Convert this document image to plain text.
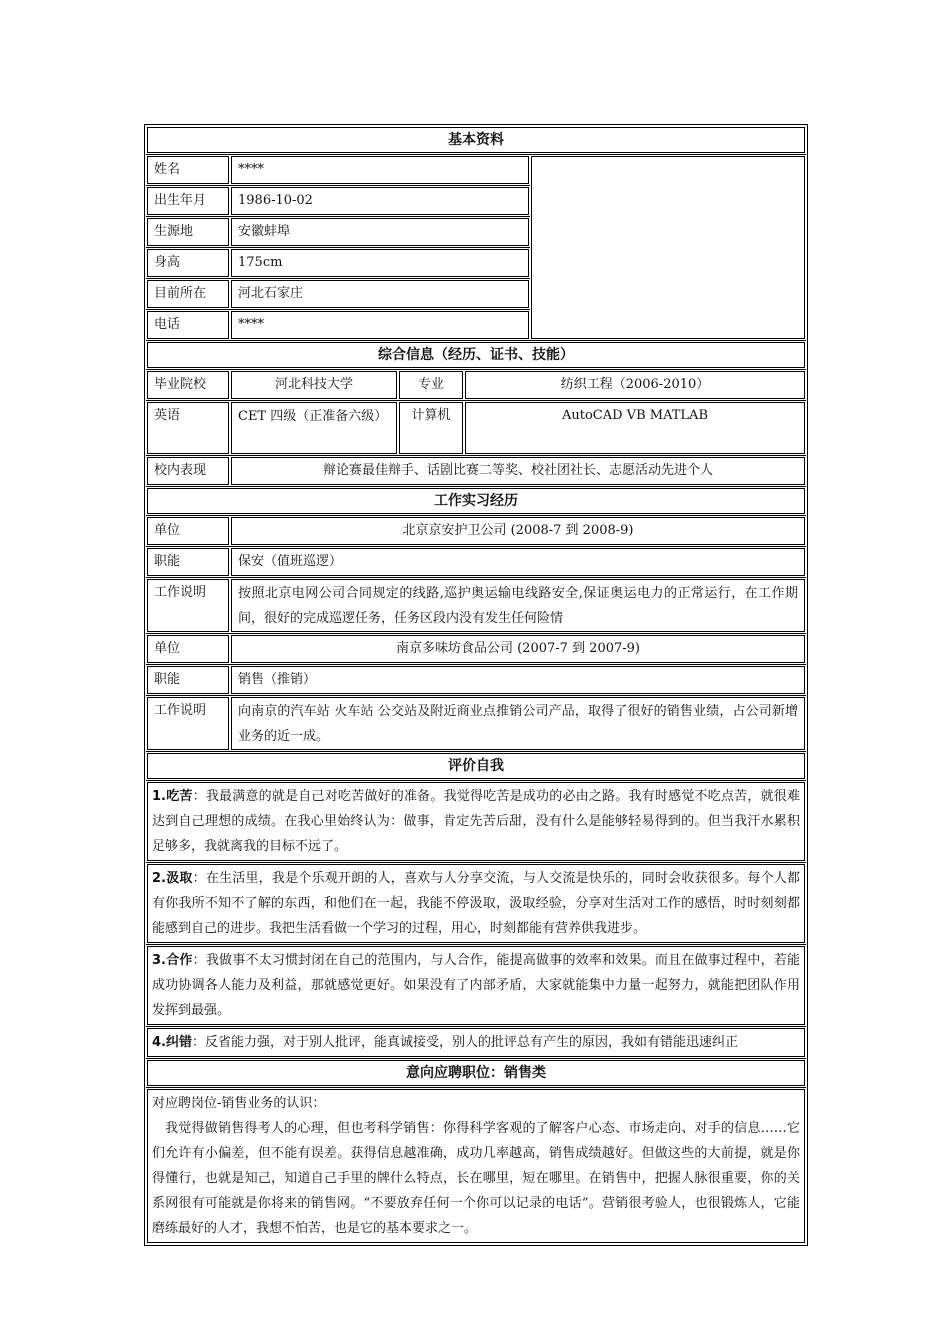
基本资料
姓名	****
出生年月	1986-10-02
生源地	安徽蚌埠
身高	175cm
目前所在	河北石家庄
电话	****
综合信息（经历、证书、技能）
毕业院校	河北科技大学	专业	纺织工程（2006-2010）
英语	CET 四级（正准备六级）	计算机	AutoCAD VB MATLAB
校内表现	辩论赛最佳辩手、话剧比赛二等奖、校社团社长、志愿活动先进个人
工作实习经历
单位	北京京安护卫公司 (2008-7 到 2008-9)
职能	保安（值班巡逻）
工作说明	按照北京电网公司合同规定的线路,巡护奥运输电线路安全,保证奥运电力的正常运行，在工作期间，很好的完成巡逻任务，任务区段内没有发生任何险情
单位	南京多味坊食品公司 (2007-7 到 2007-9)
职能	销售（推销）
工作说明	向南京的汽车站 火车站 公交站及附近商业点推销公司产品，取得了很好的销售业绩，占公司新增业务的近一成。
评价自我
1.吃苦：我最满意的就是自己对吃苦做好的准备。我觉得吃苦是成功的必由之路。我有时感觉不吃点苦，就很难达到自己理想的成绩。在我心里始终认为：做事，肯定先苦后甜，没有什么是能够轻易得到的。但当我汗水累积足够多，我就离我的目标不远了。
2.汲取：在生活里，我是个乐观开朗的人，喜欢与人分享交流，与人交流是快乐的，同时会收获很多。每个人都有你我所不知不了解的东西，和他们在一起，我能不停汲取，汲取经验，分享对生活对工作的感悟，时时刻刻都能感到自己的进步。我把生活看做一个学习的过程，用心，时刻都能有营养供我进步。
3.合作：我做事不太习惯封闭在自己的范围内，与人合作，能提高做事的效率和效果。而且在做事过程中，若能成功协调各人能力及利益，那就感觉更好。如果没有了内部矛盾，大家就能集中力量一起努力，就能把团队作用发挥到最强。
4.纠错：反省能力强，对于别人批评，能真诚接受，别人的批评总有产生的原因，我如有错能迅速纠正
意向应聘职位：销售类
对应聘岗位-销售业务的认识：
我觉得做销售得考人的心理，但也考科学销售：你得科学客观的了解客户心态、市场走向、对手的信息……它们允许有小偏差，但不能有误差。获得信息越准确，成功几率越高，销售成绩越好。但做这些的大前提，就是你得懂行，也就是知己，知道自己手里的牌什么特点，长在哪里，短在哪里。在销售中，把握人脉很重要，你的关系网很有可能就是你将来的销售网。“不要放弃任何一个你可以记录的电话”。营销很考验人，也很锻炼人，它能磨练最好的人才，我想不怕苦，也是它的基本要求之一。
